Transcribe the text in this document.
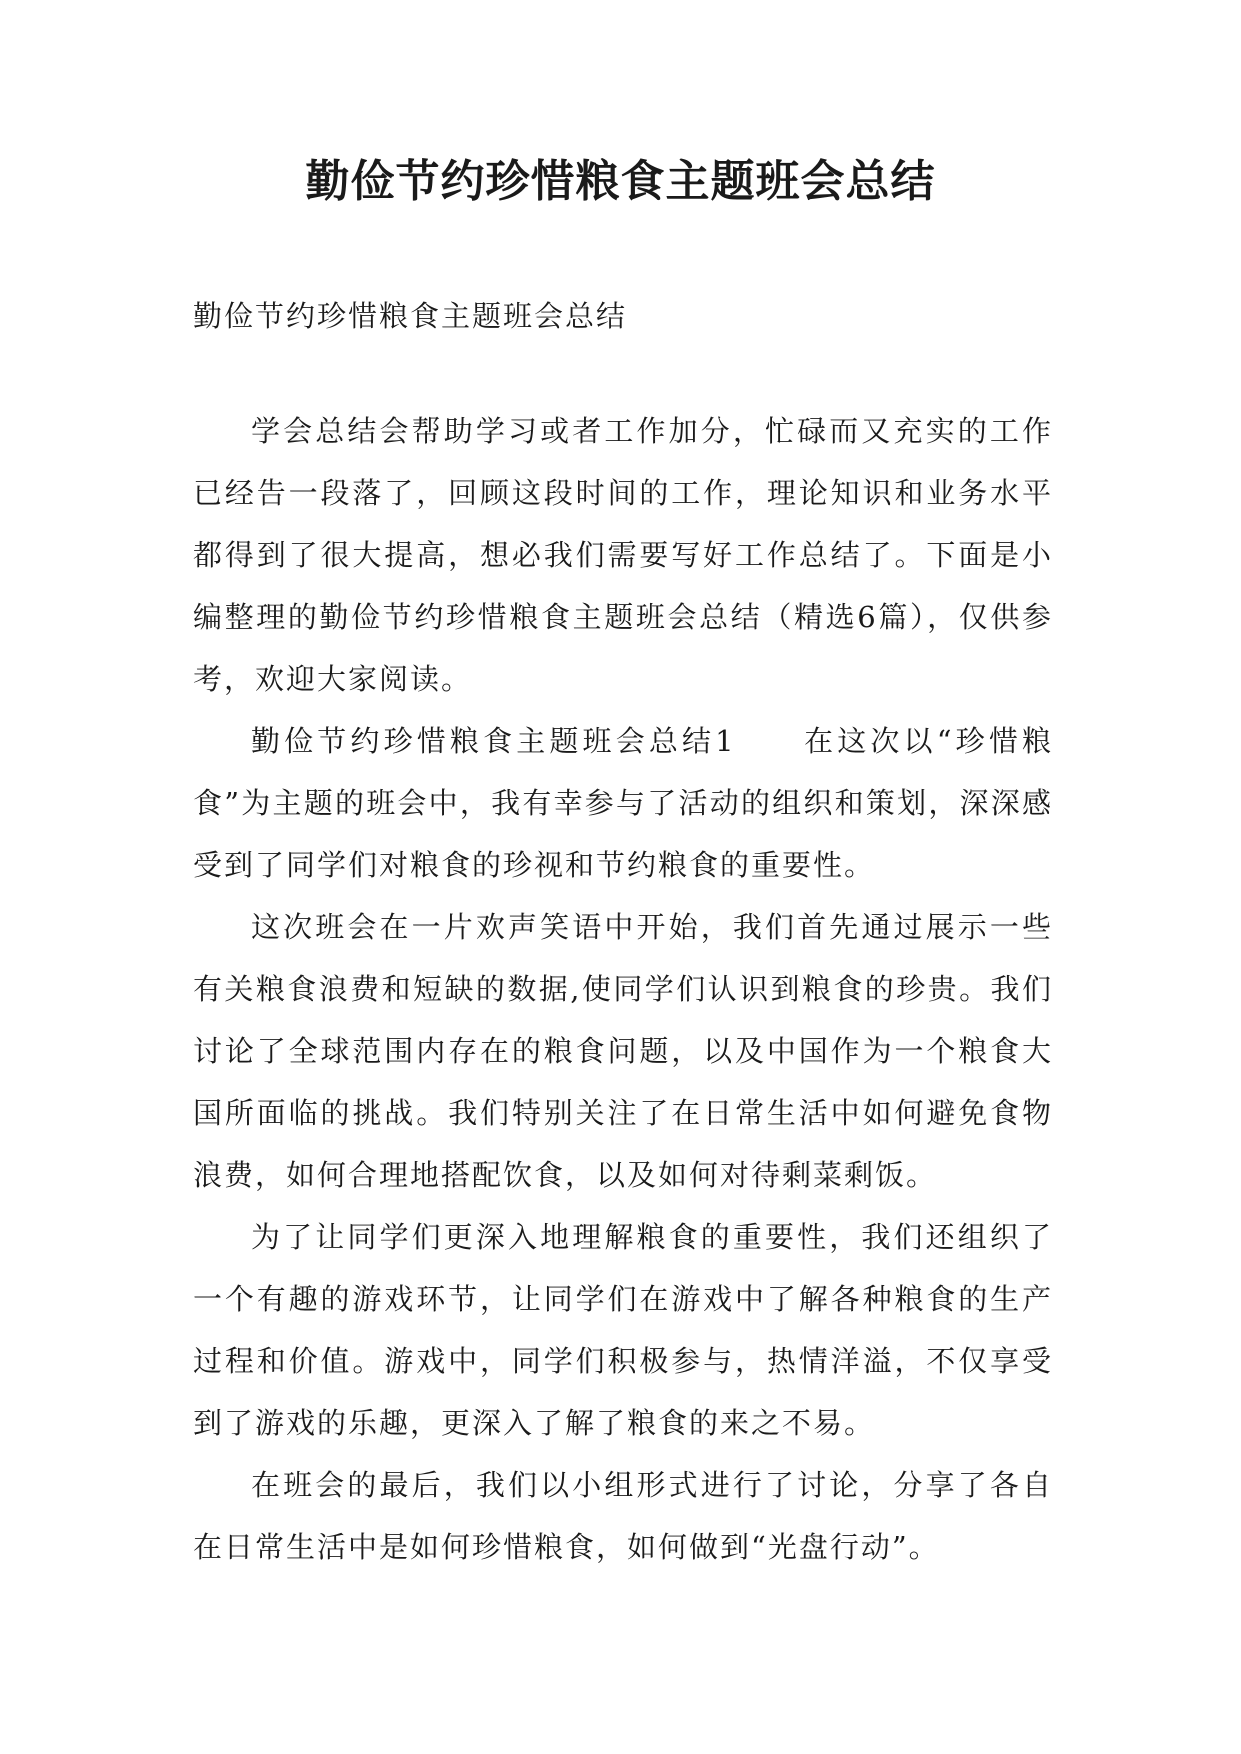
勤俭节约珍惜粮食主题班会总结

勤俭节约珍惜粮食主题班会总结

学会总结会帮助学习或者工作加分，忙碌而又充实的工作已经告一段落了，回顾这段时间的工作，理论知识和业务水平都得到了很大提高，想必我们需要写好工作总结了。下面是小编整理的勤俭节约珍惜粮食主题班会总结（精选6篇），仅供参考，欢迎大家阅读。

勤俭节约珍惜粮食主题班会总结1　　在这次以“珍惜粮食”为主题的班会中，我有幸参与了活动的组织和策划，深深感受到了同学们对粮食的珍视和节约粮食的重要性。

这次班会在一片欢声笑语中开始，我们首先通过展示一些有关粮食浪费和短缺的数据,使同学们认识到粮食的珍贵。我们讨论了全球范围内存在的粮食问题，以及中国作为一个粮食大国所面临的挑战。我们特别关注了在日常生活中如何避免食物浪费，如何合理地搭配饮食，以及如何对待剩菜剩饭。

为了让同学们更深入地理解粮食的重要性，我们还组织了一个有趣的游戏环节，让同学们在游戏中了解各种粮食的生产过程和价值。游戏中，同学们积极参与，热情洋溢，不仅享受到了游戏的乐趣，更深入了解了粮食的来之不易。

在班会的最后，我们以小组形式进行了讨论，分享了各自在日常生活中是如何珍惜粮食，如何做到“光盘行动”。
